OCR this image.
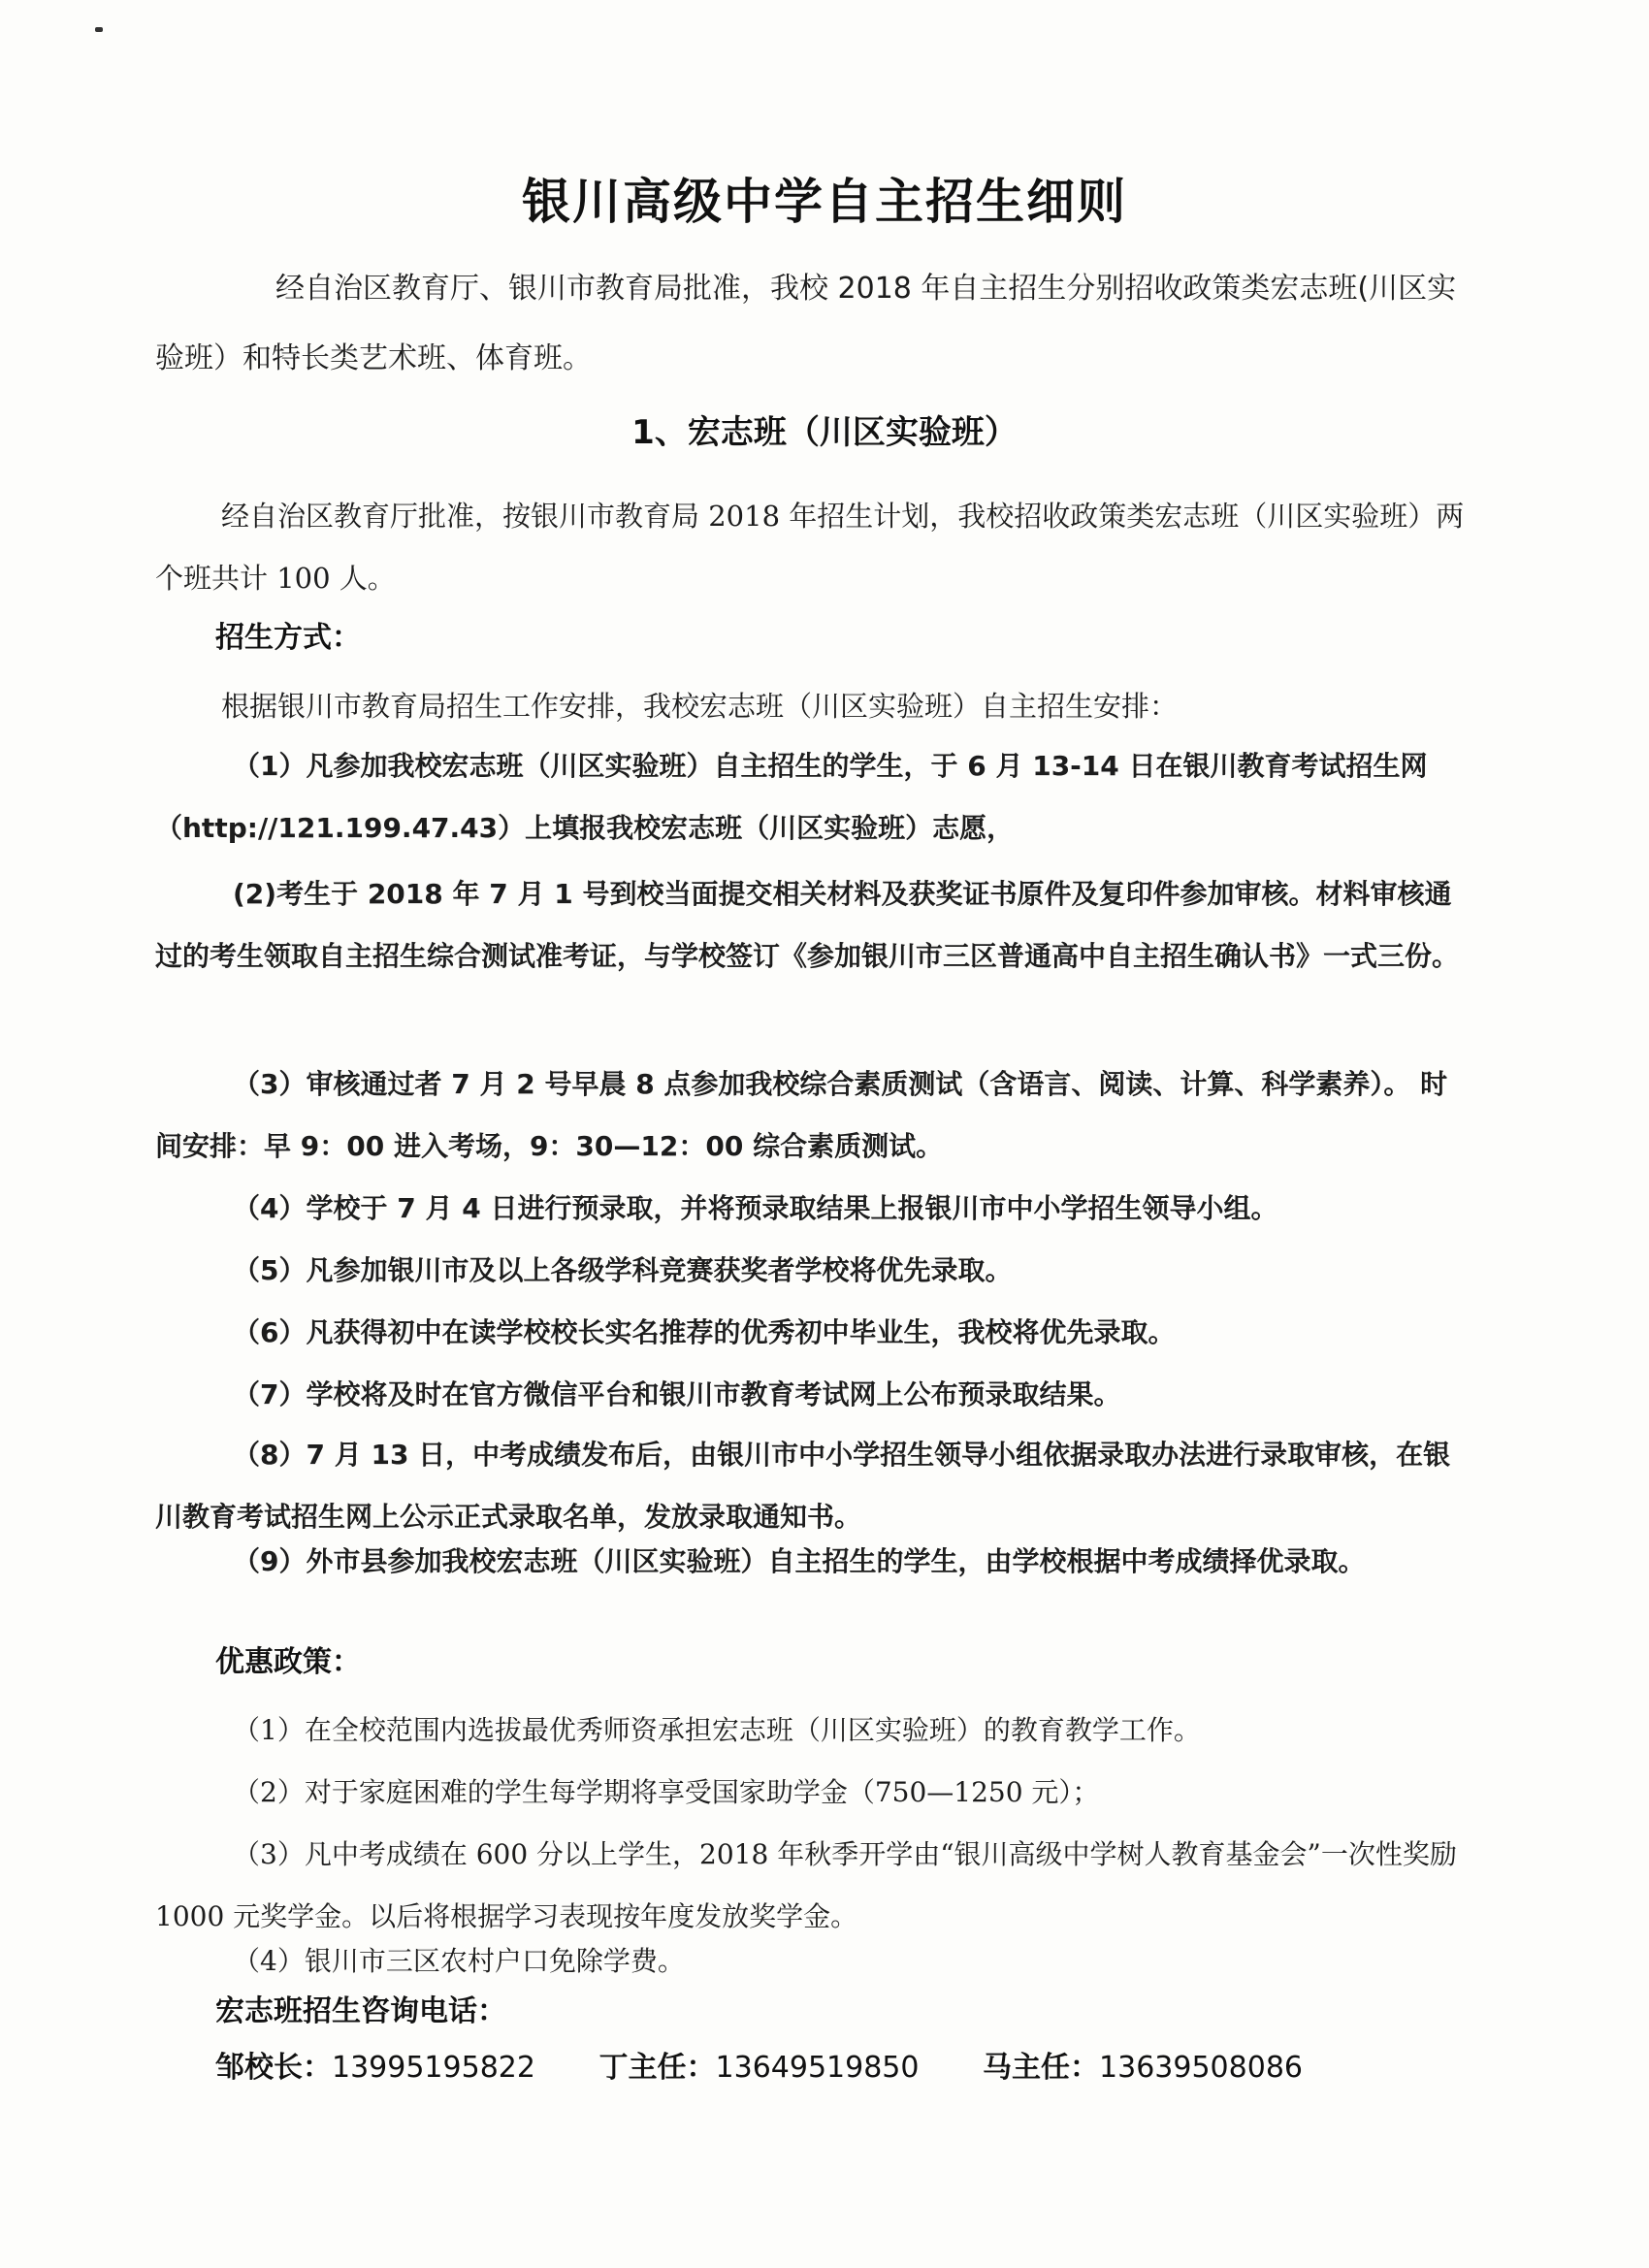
银川高级中学自主招生细则
经自治区教育厅、银川市教育局批准，我校 2018 年自主招生分别招收政策类宏志班(川区实验班）和特长类艺术班、体育班。
1、宏志班（川区实验班）
经自治区教育厅批准，按银川市教育局 2018 年招生计划，我校招收政策类宏志班（川区实验班）两个班共计 100 人。
招生方式：
根据银川市教育局招生工作安排，我校宏志班（川区实验班）自主招生安排：
（1）凡参加我校宏志班（川区实验班）自主招生的学生，于 6 月 13-14 日在银川教育考试招生网（http://121.199.47.43）上填报我校宏志班（川区实验班）志愿，
(2)考生于 2018 年 7 月 1 号到校当面提交相关材料及获奖证书原件及复印件参加审核。材料审核通过的考生领取自主招生综合测试准考证，与学校签订《参加银川市三区普通高中自主招生确认书》一式三份。
（3）审核通过者 7 月 2 号早晨 8 点参加我校综合素质测试（含语言、阅读、计算、科学素养）。 时间安排：早 9：00 进入考场，9：30—12：00 综合素质测试。
（4）学校于 7 月 4 日进行预录取，并将预录取结果上报银川市中小学招生领导小组。
（5）凡参加银川市及以上各级学科竞赛获奖者学校将优先录取。
（6）凡获得初中在读学校校长实名推荐的优秀初中毕业生，我校将优先录取。
（7）学校将及时在官方微信平台和银川市教育考试网上公布预录取结果。
（8）7 月 13 日，中考成绩发布后，由银川市中小学招生领导小组依据录取办法进行录取审核，在银川教育考试招生网上公示正式录取名单，发放录取通知书。
（9）外市县参加我校宏志班（川区实验班）自主招生的学生，由学校根据中考成绩择优录取。
优惠政策：
（1）在全校范围内选拔最优秀师资承担宏志班（川区实验班）的教育教学工作。
（2）对于家庭困难的学生每学期将享受国家助学金（750—1250 元）；
（3）凡中考成绩在 600 分以上学生，2018 年秋季开学由“银川高级中学树人教育基金会”一次性奖励 1000 元奖学金。以后将根据学习表现按年度发放奖学金。
（4）银川市三区农村户口免除学费。
宏志班招生咨询电话：
邹校长：13995195822 丁主任：13649519850 马主任：13639508086
